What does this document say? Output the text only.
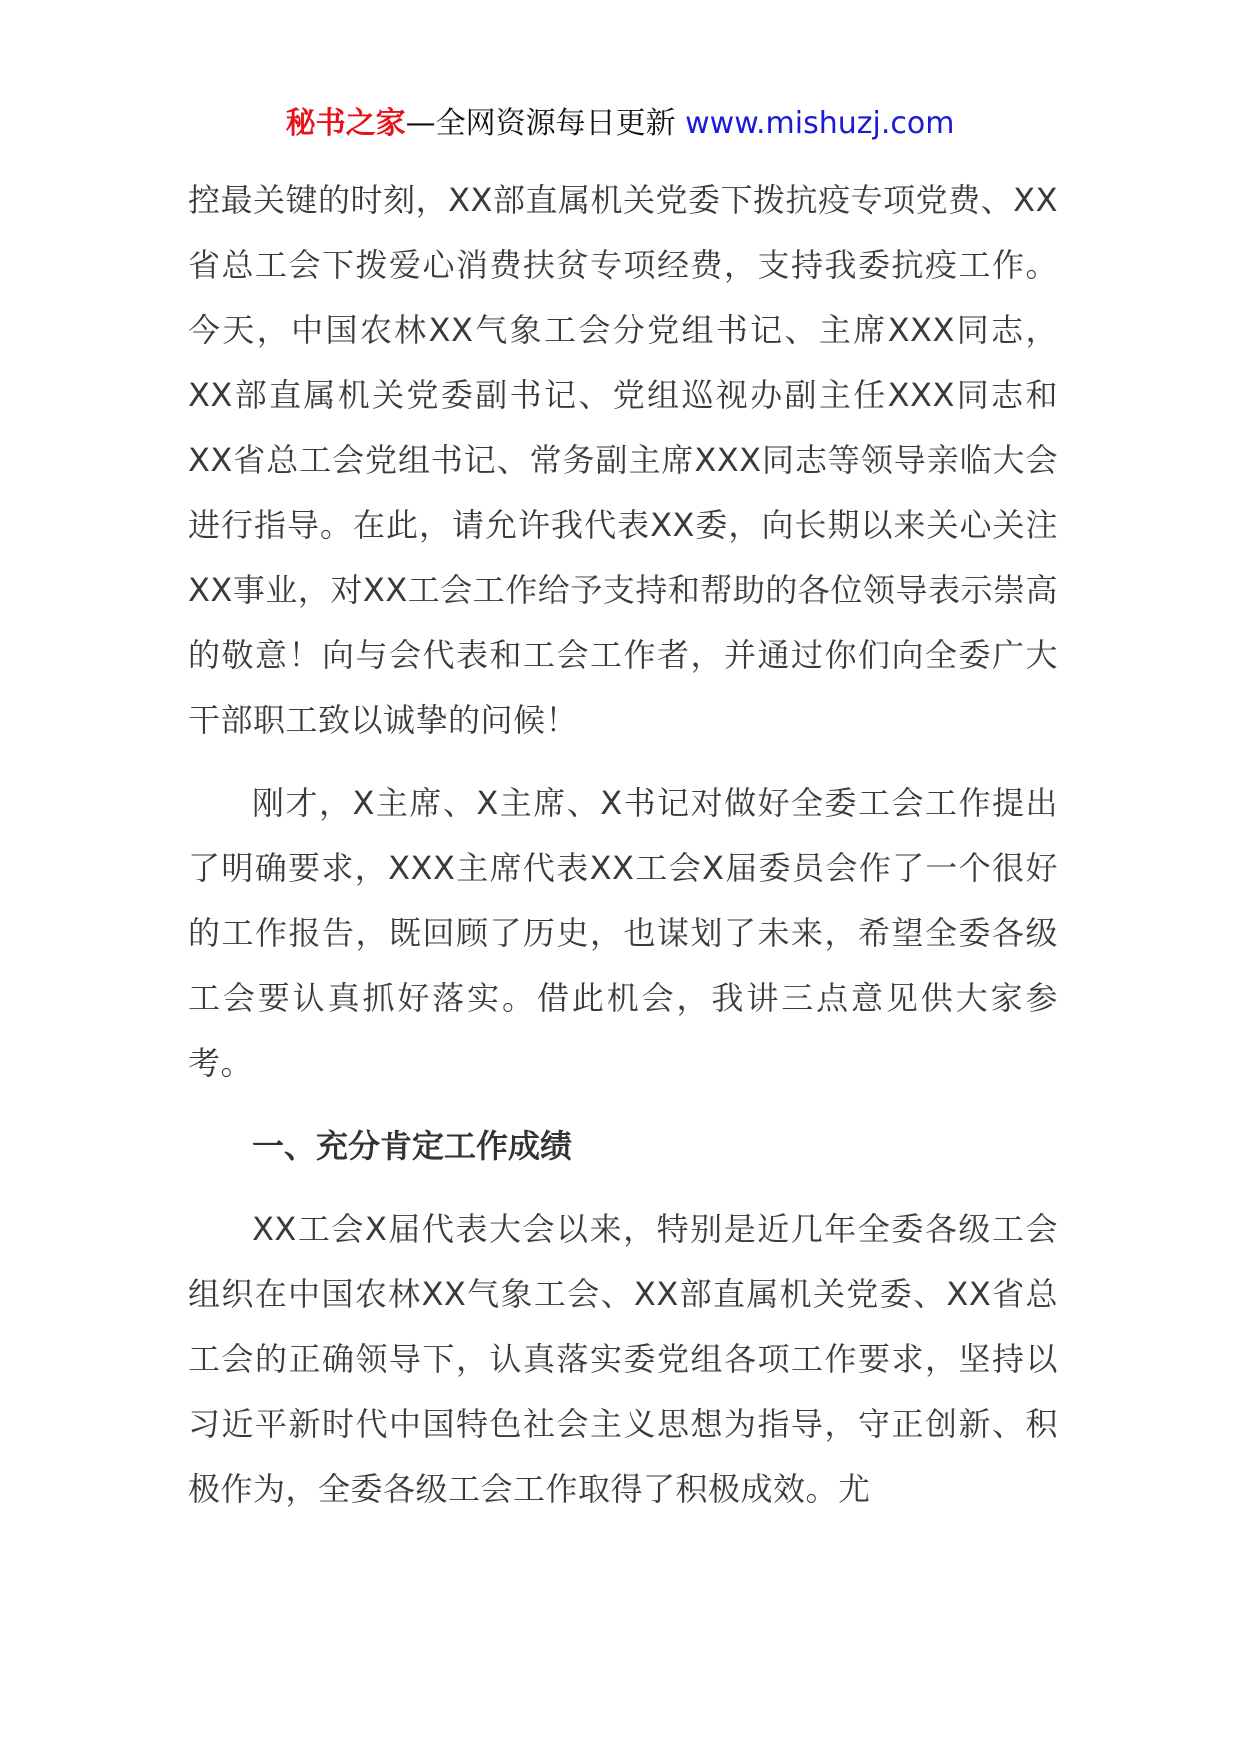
秘书之家—全网资源每日更新 www.mishuzj.com

控最关键的时刻，XX部直属机关党委下拨抗疫专项党费、XX省总工会下拨爱心消费扶贫专项经费，支持我委抗疫工作。今天，中国农林XX气象工会分党组书记、主席XXX同志，XX部直属机关党委副书记、党组巡视办副主任XXX同志和XX省总工会党组书记、常务副主席XXX同志等领导亲临大会进行指导。在此，请允许我代表XX委，向长期以来关心关注XX事业，对XX工会工作给予支持和帮助的各位领导表示崇高的敬意！向与会代表和工会工作者，并通过你们向全委广大干部职工致以诚挚的问候！

刚才，X主席、X主席、X书记对做好全委工会工作提出了明确要求，XXX主席代表XX工会X届委员会作了一个很好的工作报告，既回顾了历史，也谋划了未来，希望全委各级工会要认真抓好落实。借此机会，我讲三点意见供大家参考。

一、充分肯定工作成绩

XX工会X届代表大会以来，特别是近几年全委各级工会组织在中国农林XX气象工会、XX部直属机关党委、XX省总工会的正确领导下，认真落实委党组各项工作要求，坚持以习近平新时代中国特色社会主义思想为指导，守正创新、积极作为，全委各级工会工作取得了积极成效。尤
